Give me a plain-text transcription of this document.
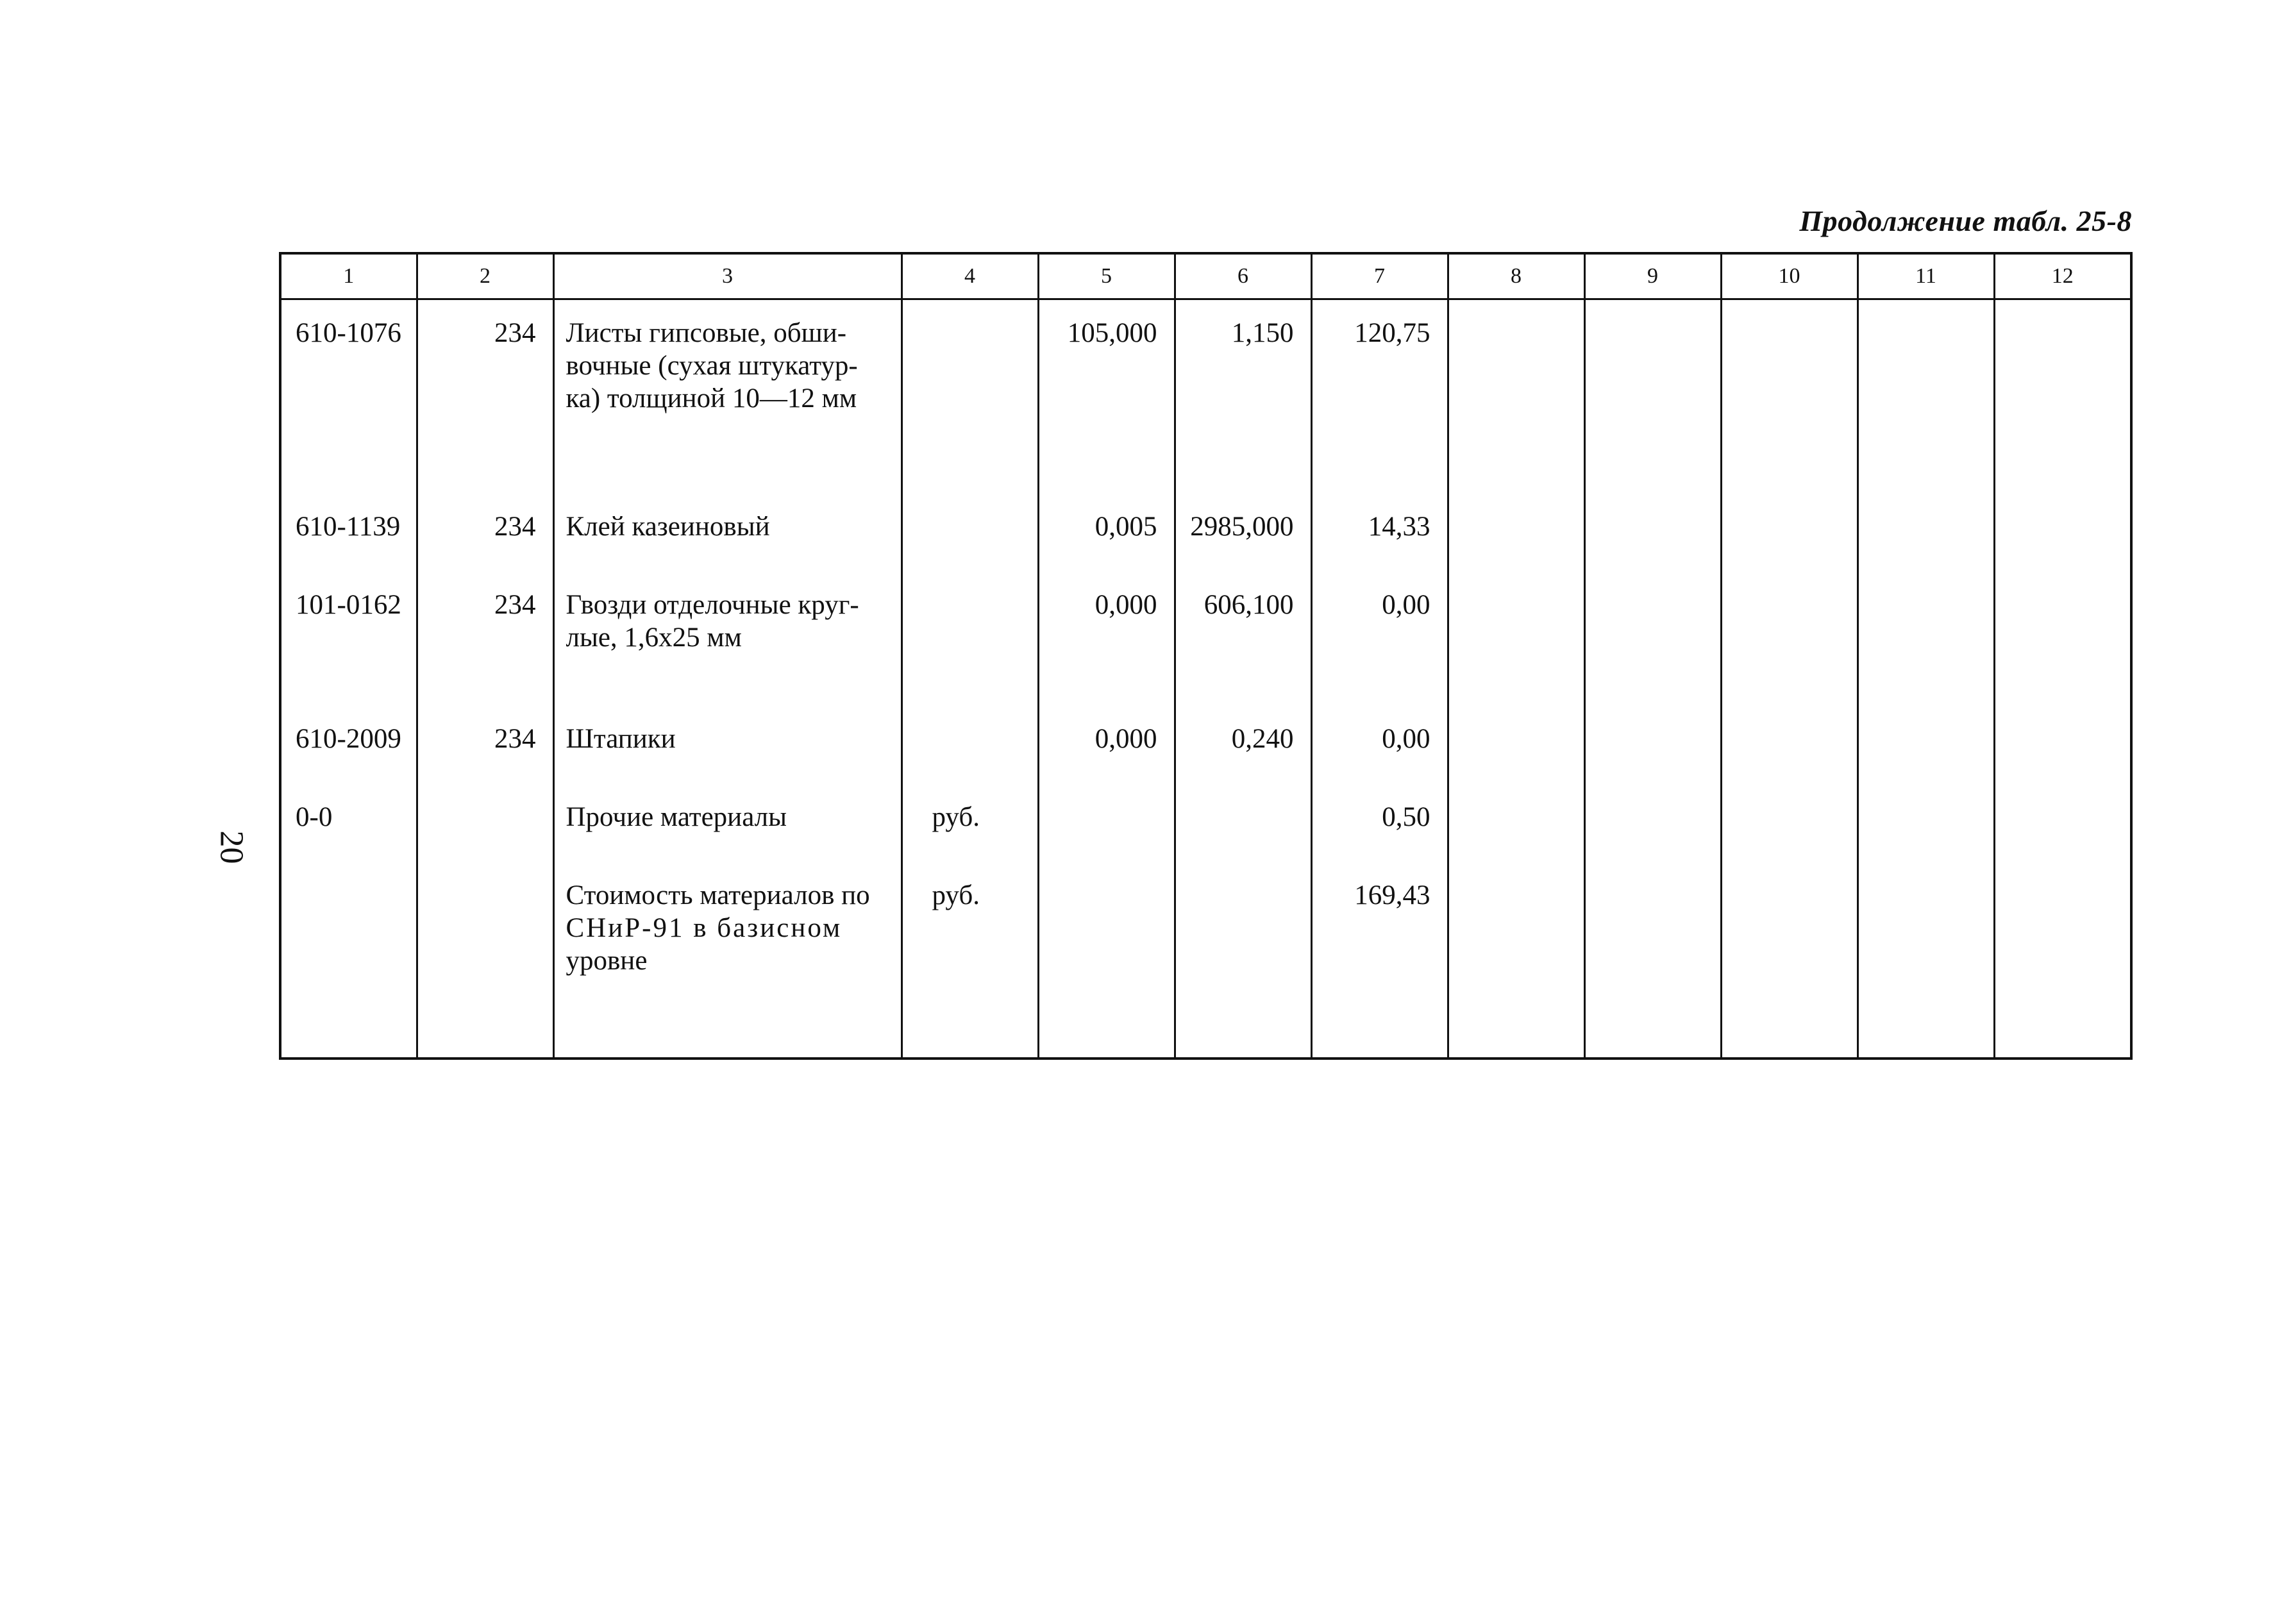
Продолжение табл. 25-8
20
1	2	3	4	5	6	7	8	9	10	11	12
610-1076	234	Листы гипсовые, обши-
вочные (сухая штукатур-
ка) толщиной 10—12 мм		105,000	1,150	120,75					
610-1139	234	Клей казеиновый		0,005	2985,000	14,33					
101-0162	234	Гвозди отделочные круг-
лые, 1,6х25 мм		0,000	606,100	0,00					
610-2009	234	Штапики		0,000	0,240	0,00					
0-0		Прочие материалы	руб.			0,50					

		Стоимость материалов по
СНиР-91 в базисном
уровне	руб.			169,43					
